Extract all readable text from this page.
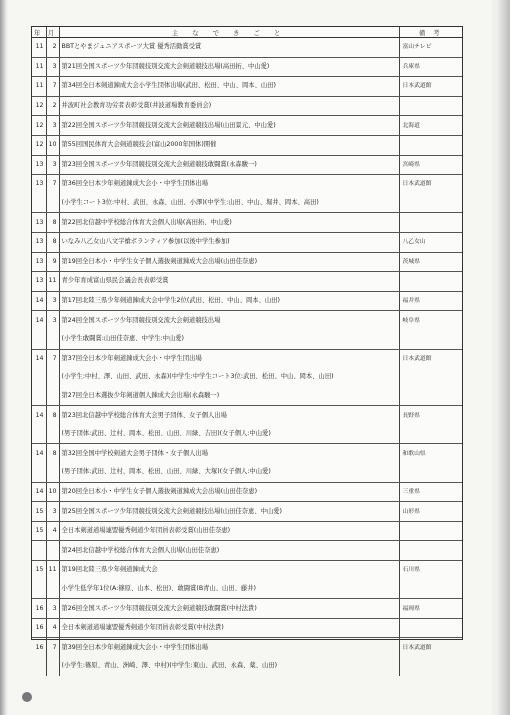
年	月	主 な で き ご と	備 考
11	2	BBTとやまジュニアスポーツ大賞 優秀活動賞受賞	富山テレビ
11	3	第21回全国スポーツ少年団競技別交流大会剣道競技出場(高田拓、中山愛)	兵庫県
11	7	第34回全日本剣道錬成大会小学生団体出場(武田、松田、中山、岡本、山田)	日本武道館
12	2	井波町社会教育功労者表彰受賞(井波道場教育委員会)	
12	3	第22回全国スポーツ少年団競技別交流大会剣道競技出場(山田景元、中山愛)	北海道
12	10	第55回国民体育大会剣道競技会(富山2000年国体)開催	
13	3	第23回全国スポーツ少年団競技別交流大会剣道競技敢闘賞(永森駿一)	宮崎県
13	7	第36回全日本少年剣道錬成大会小・中学生団体出場	日本武道館
		(小学生コート3位:中村、武田、永森、山田、小澤)(中学生:山田、中山、堀井、岡本、高田)	
13	8	第22回北信越中学校総合体育大会個人出場(高田拓、中山愛)	
13	8	いなみ八乙女山八文字槍ボランティア参加(以後中学生参加)	八乙女山
13	9	第19回全日本小・中学生女子個人選抜剣道錬成大会出場(山田佳奈恵)	茨城県
13	11	青少年育成富山県民会議会長表彰受賞	
14	3	第17回北陸三県少年剣道錬成大会中学生2位(武田、松田、中山、岡本、山田)	福井県
14	3	第24回全国スポーツ少年団競技別交流大会剣道競技出場	岐阜県
		(小学生敢闘賞:山田佳奈恵、中学生:中山愛)	
14	7	第37回全日本少年剣道錬成大会小・中学生団出場	日本武道館
		(小学生:中村、澤、山田、武田、永森)(中学生:中学生コート3位:武田、松田、中山、岡本、山田)	
		第27回全日本選抜少年剣道個人錬成大会出場(永森駿一)	
14	8	第23回北信越中学校総合体育大会男子団体、女子個人出場	長野県
		(男子団体:武田、辻村、岡本、松田、山田、川緑、吉田)(女子個人:中山愛)	
14	8	第32回全国中学校剣道大会男子団体・女子個人出場	和歌山県
		(男子団体:武田、辻村、岡本、松田、山田、川緑、大塚)(女子個人:中山愛)	
14	10	第20回全日本小・中学生女子個人選抜剣道錬成大会出場(山田佳奈恵)	三重県
15	3	第25回全国スポーツ少年団競技別交流大会剣道競技出場(山田佳奈恵、中山愛)	山形県
15	4	全日本剣道道場連盟優秀剣道少年団員表彰受賞(山田佳奈恵)	
		第24回北信越中学校総合体育大会個人出場(山田佳奈恵)	
15	11	第19回北陸三県少年剣道錬成大会	石川県
		小学生低学年1位(A:篠原、山本、松田)、敢闘賞(B青山、山田、藤井)	
16	3	第26回全国スポーツ少年団競技別交流大会剣道競技敢闘賞(中村法貴)	福岡県
16	4	全日本剣道道場連盟優秀剣道少年団員表彰受賞(中村法貴)	
16	7	第39回全日本少年剣道錬成大会小・中学生団体出場	日本武道館
		(小学生:篠原、青山、洲崎、澤、中村)(中学生:東山、武田、永森、薬、山田)	
